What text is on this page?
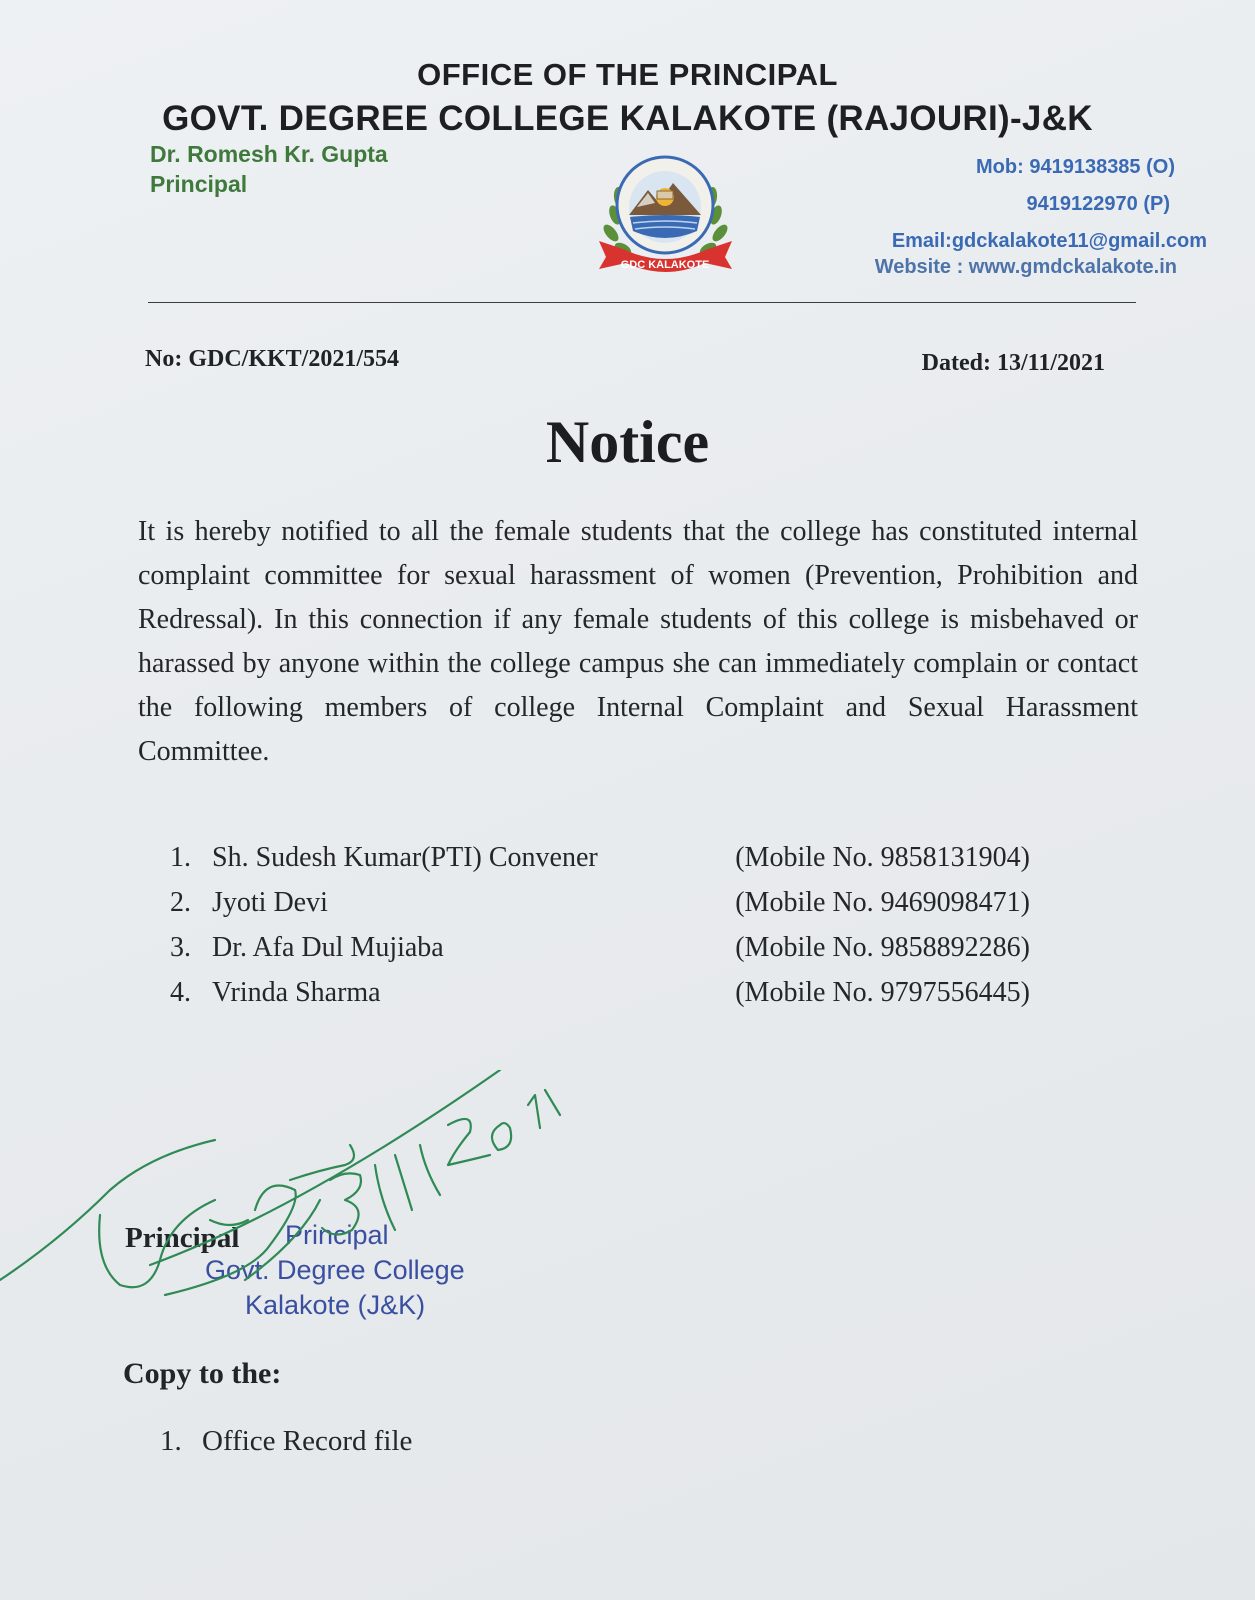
OFFICE OF THE PRINCIPAL
GOVT. DEGREE COLLEGE KALAKOTE (RAJOURI)-J&K
Dr. Romesh Kr. Gupta
Principal
GDC KALAKOTE
Mob: 9419138385 (O)
9419122970 (P)
Email:gdckalakote11@gmail.com
Website : www.gmdckalakote.in
No: GDC/KKT/2021/554	Dated: 13/11/2021
Notice
It is hereby notified to all the female students that the college has constituted internal complaint committee for sexual harassment of women (Prevention, Prohibition and Redressal). In this connection if any female students of this college is misbehaved or harassed by anyone within the college campus she can immediately complain or contact the following members of college Internal Complaint and Sexual Harassment Committee.
1. Sh. Sudesh Kumar(PTI) Convener	(Mobile No. 9858131904)
2. Jyoti Devi	(Mobile No. 9469098471)
3. Dr. Afa Dul Mujiaba	(Mobile No. 9858892286)
4. Vrinda Sharma	(Mobile No. 9797556445)
Principal Principal
Govt. Degree College
Kalakote (J&K)
Copy to the:
1. Office Record file
